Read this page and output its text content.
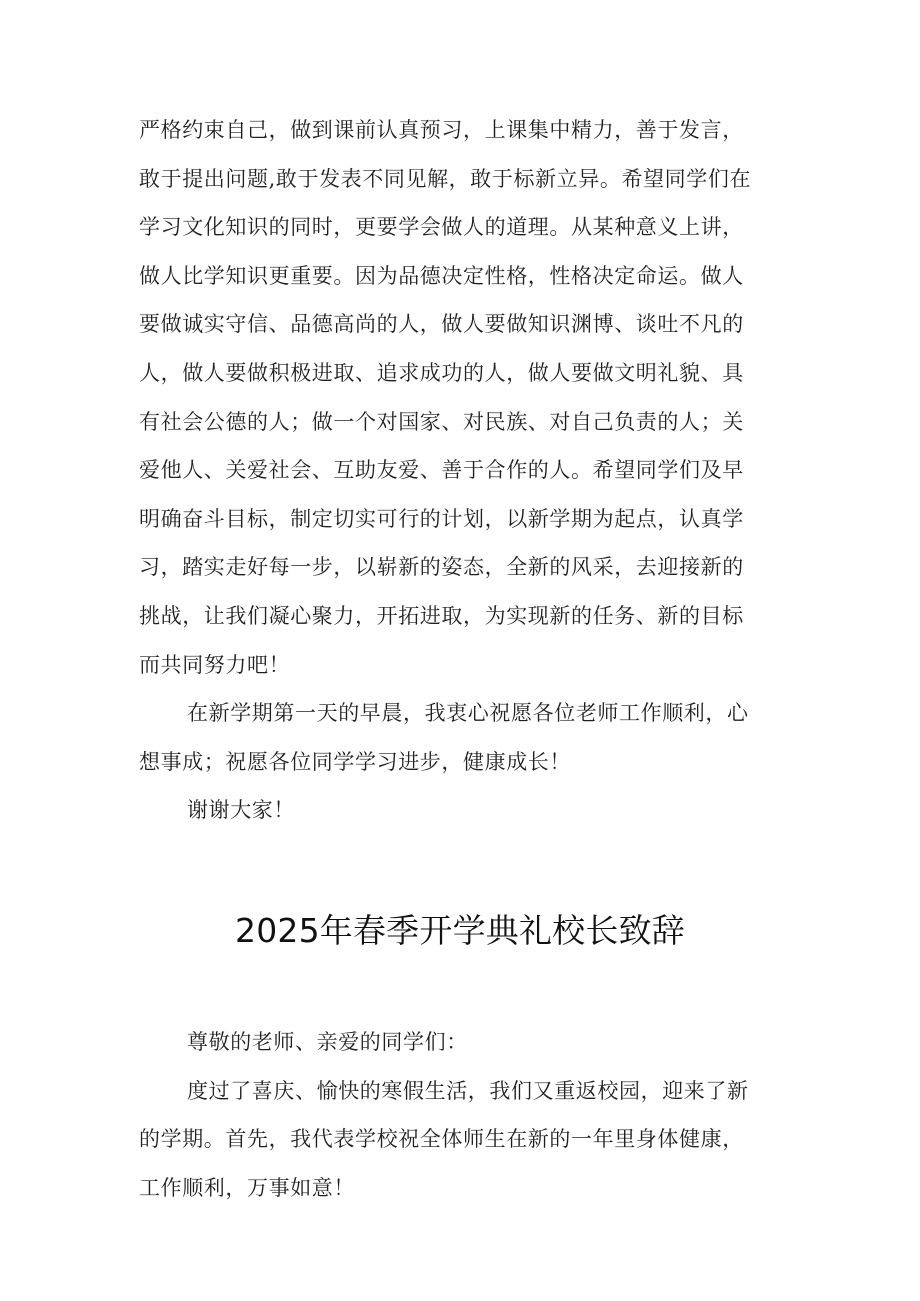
严格约束自己，做到课前认真预习，上课集中精力，善于发言，
敢于提出问题,敢于发表不同见解，敢于标新立异。希望同学们在
学习文化知识的同时，更要学会做人的道理。从某种意义上讲，
做人比学知识更重要。因为品德决定性格，性格决定命运。做人
要做诚实守信、品德高尚的人，做人要做知识渊博、谈吐不凡的
人，做人要做积极进取、追求成功的人，做人要做文明礼貌、具
有社会公德的人；做一个对国家、对民族、对自己负责的人；关
爱他人、关爱社会、互助友爱、善于合作的人。希望同学们及早
明确奋斗目标，制定切实可行的计划，以新学期为起点，认真学
习，踏实走好每一步，以崭新的姿态，全新的风采，去迎接新的
挑战，让我们凝心聚力，开拓进取，为实现新的任务、新的目标
而共同努力吧！
在新学期第一天的早晨，我衷心祝愿各位老师工作顺利，心
想事成；祝愿各位同学学习进步，健康成长！
谢谢大家！
2025年春季开学典礼校长致辞
尊敬的老师、亲爱的同学们：
度过了喜庆、愉快的寒假生活，我们又重返校园，迎来了新
的学期。首先，我代表学校祝全体师生在新的一年里身体健康，
工作顺利，万事如意！
